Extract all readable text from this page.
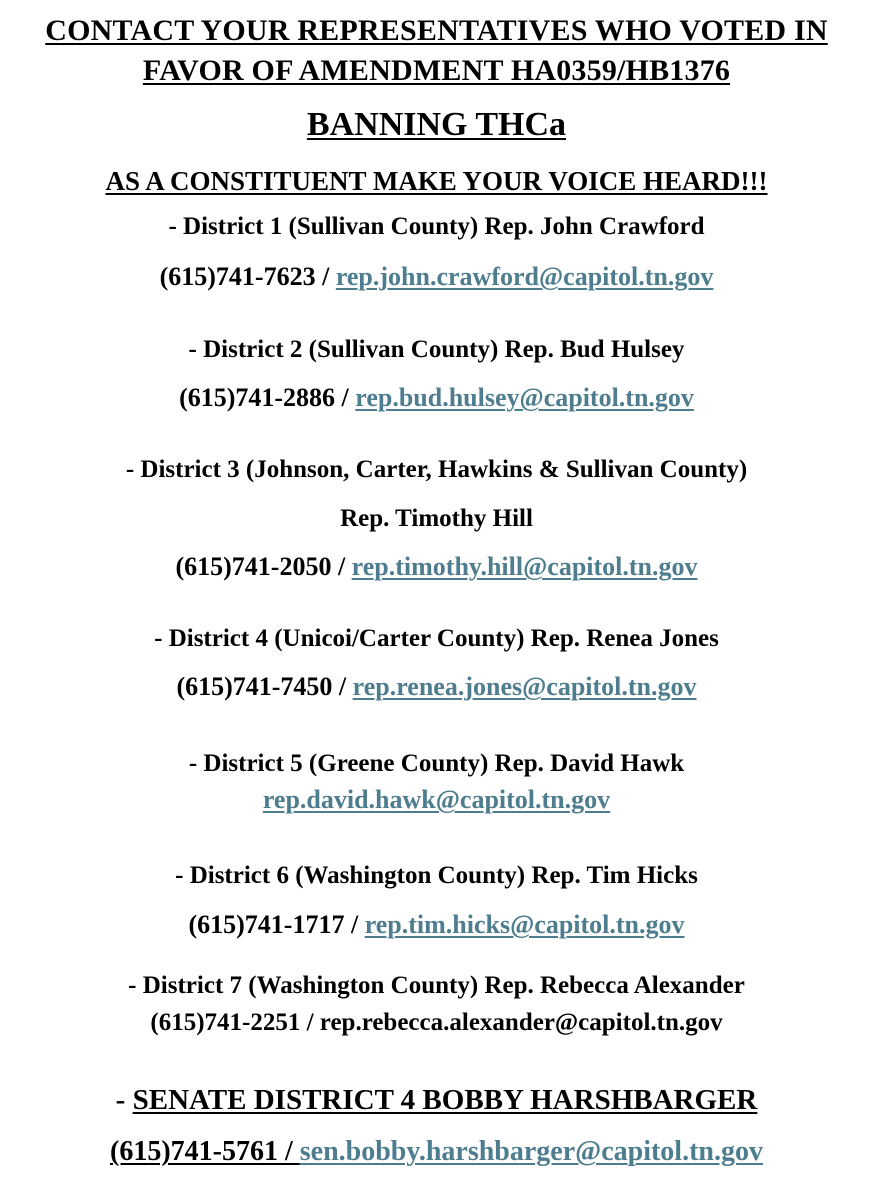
CONTACT YOUR REPRESENTATIVES WHO VOTED IN
FAVOR OF AMENDMENT HA0359/HB1376
BANNING THCa
AS A CONSTITUENT MAKE YOUR VOICE HEARD!!!
- District 1 (Sullivan County) Rep. John Crawford
(615)741-7623 / rep.john.crawford@capitol.tn.gov
- District 2 (Sullivan County) Rep. Bud Hulsey
(615)741-2886 / rep.bud.hulsey@capitol.tn.gov
- District 3 (Johnson, Carter, Hawkins & Sullivan County)
Rep. Timothy Hill
(615)741-2050 / rep.timothy.hill@capitol.tn.gov
- District 4 (Unicoi/Carter County) Rep. Renea Jones
(615)741-7450 / rep.renea.jones@capitol.tn.gov
- District 5 (Greene County) Rep. David Hawk
rep.david.hawk@capitol.tn.gov
- District 6 (Washington County) Rep. Tim Hicks
(615)741-1717 / rep.tim.hicks@capitol.tn.gov
- District 7 (Washington County) Rep. Rebecca Alexander
(615)741-2251 / rep.rebecca.alexander@capitol.tn.gov
- SENATE DISTRICT 4 BOBBY HARSHBARGER
(615)741-5761 / sen.bobby.harshbarger@capitol.tn.gov
